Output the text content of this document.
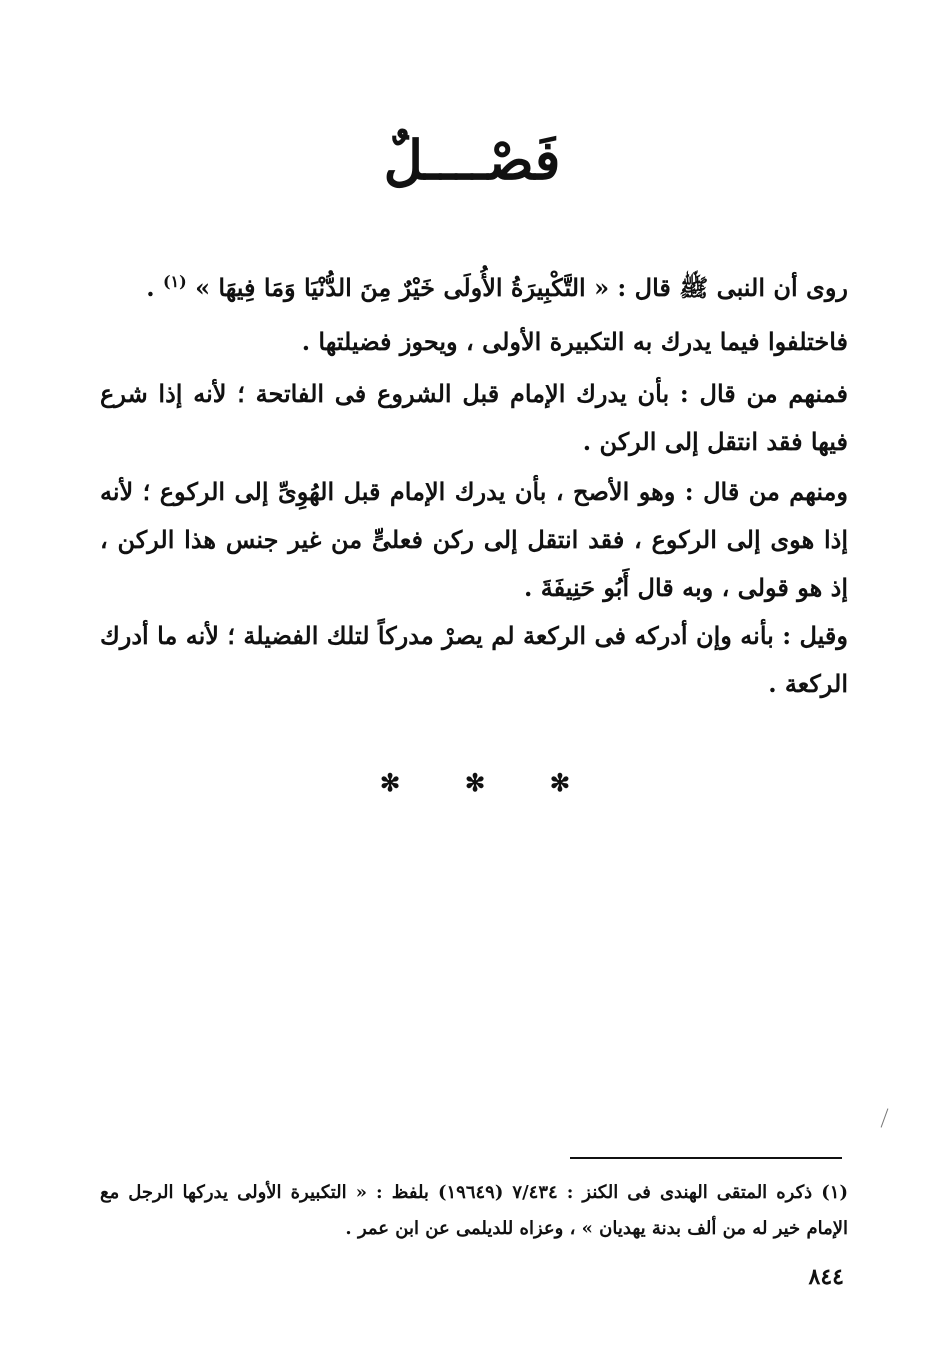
فَصْــــلٌ
روى أن النبى ﷺ قال : « التَّكْبِيرَةُ الأُولَى خَيْرٌ مِنَ الدُّنْيَا وَمَا فِيهَا » $^{(١)}$ .
فاختلفوا فيما يدرك به التكبيرة الأولى ، ويحوز فضيلتها .
فمنهم من قال : بأن يدرك الإمام قبل الشروع فى الفاتحة ؛ لأنه إذا شرع فيها فقد انتقل إلى الركن .
ومنهم من قال : وهو الأصح ، بأن يدرك الإمام قبل الهُوِىِّ إلى الركوع ؛ لأنه إذا هوى إلى الركوع ، فقد انتقل إلى ركن فعلىٍّ من غير جنس هذا الركن ، إذ هو قولى ، وبه قال أَبُو حَنِيفَةَ .
وقيل : بأنه وإن أدركه فى الركعة لم يصرْ مدركاً لتلك الفضيلة ؛ لأنه ما أدرك الركعة .
✻	✻	✻
(١) ذكره المتقى الهندى فى الكنز : ٧/٤٣٤ (١٩٦٤٩) بلفظ : « التكبيرة الأولى يدركها الرجل مع الإمام خير له من ألف بدنة يهديان » ، وعزاه للديلمى عن ابن عمر .
٨٤٤
